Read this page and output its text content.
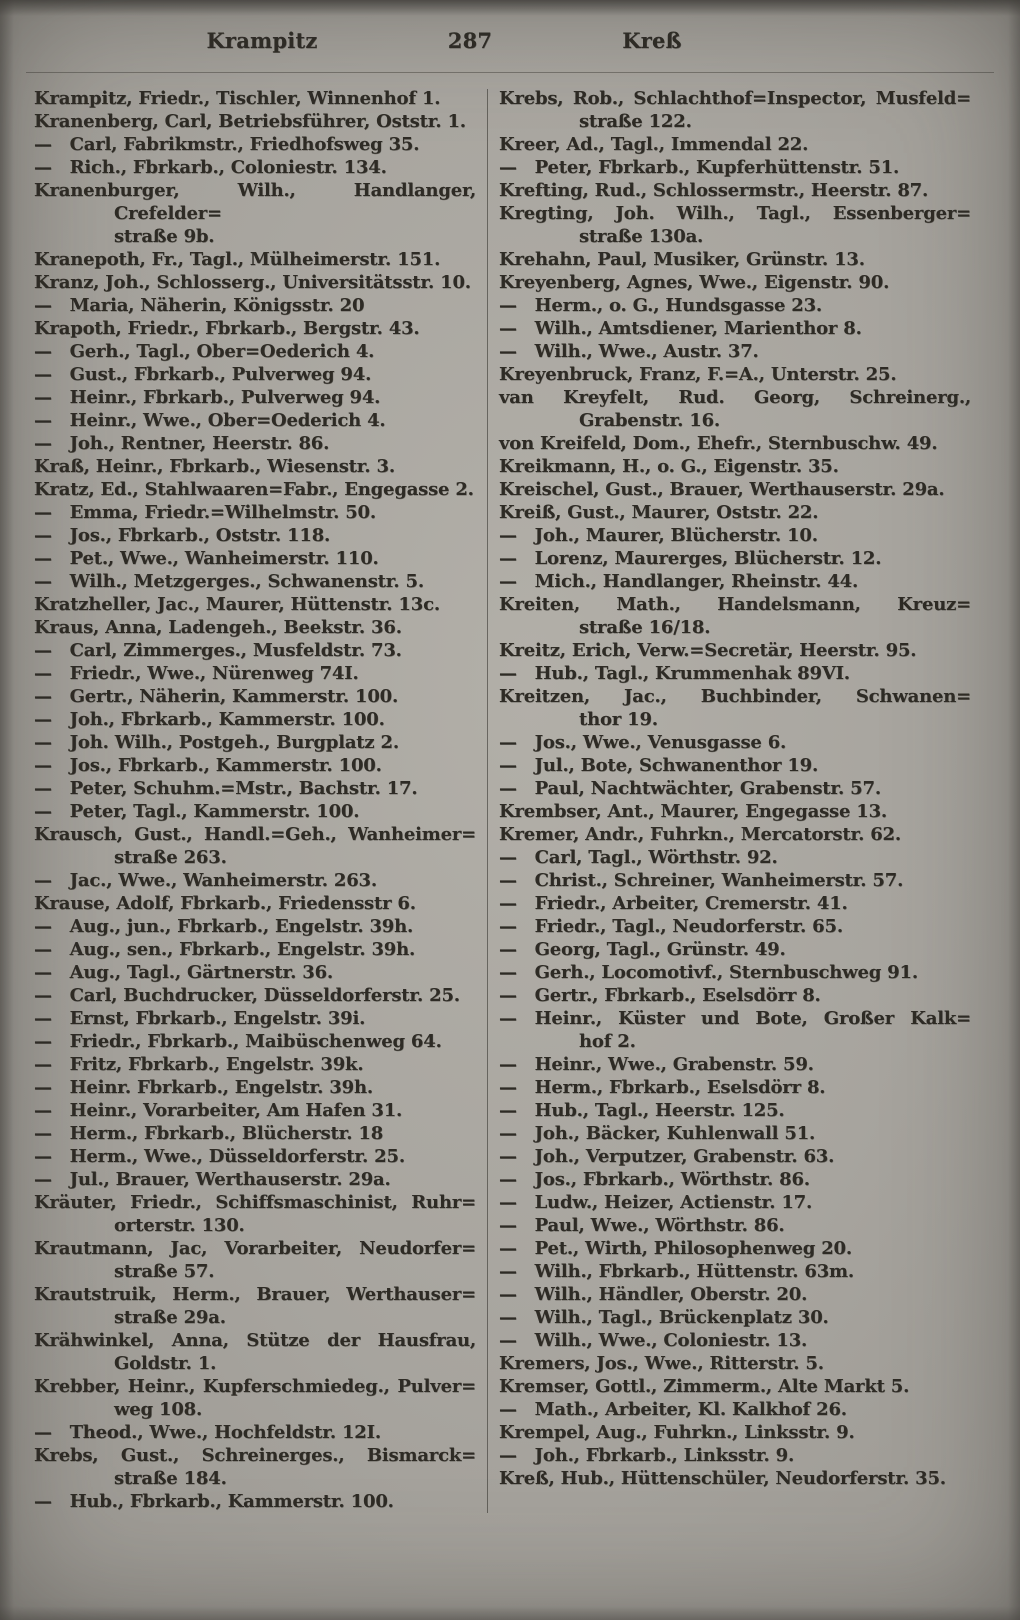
Krampitz	287	Kreß
Krampitz, Friedr., Tischler, Winnenhof 1.
Kranenberg, Carl, Betriebsführer, Oststr. 1.
— Carl, Fabrikmstr., Friedhofsweg 35.
— Rich., Fbrkarb., Coloniestr. 134.
Kranenburger, Wilh., Handlanger, Crefelder=
straße 9b.
Kranepoth, Fr., Tagl., Mülheimerstr. 151.
Kranz, Joh., Schlosserg., Universitätsstr. 10.
— Maria, Näherin, Königsstr. 20
Krapoth, Friedr., Fbrkarb., Bergstr. 43.
— Gerh., Tagl., Ober=Oederich 4.
— Gust., Fbrkarb., Pulverweg 94.
— Heinr., Fbrkarb., Pulverweg 94.
— Heinr., Wwe., Ober=Oederich 4.
— Joh., Rentner, Heerstr. 86.
Kraß, Heinr., Fbrkarb., Wiesenstr. 3.
Kratz, Ed., Stahlwaaren=Fabr., Engegasse 2.
— Emma, Friedr.=Wilhelmstr. 50.
— Jos., Fbrkarb., Oststr. 118.
— Pet., Wwe., Wanheimerstr. 110.
— Wilh., Metzgerges., Schwanenstr. 5.
Kratzheller, Jac., Maurer, Hüttenstr. 13c.
Kraus, Anna, Ladengeh., Beekstr. 36.
— Carl, Zimmerges., Musfeldstr. 73.
— Friedr., Wwe., Nürenweg 74I.
— Gertr., Näherin, Kammerstr. 100.
— Joh., Fbrkarb., Kammerstr. 100.
— Joh. Wilh., Postgeh., Burgplatz 2.
— Jos., Fbrkarb., Kammerstr. 100.
— Peter, Schuhm.=Mstr., Bachstr. 17.
— Peter, Tagl., Kammerstr. 100.
Krausch, Gust., Handl.=Geh., Wanheimer=
straße 263.
— Jac., Wwe., Wanheimerstr. 263.
Krause, Adolf, Fbrkarb., Friedensstr 6.
— Aug., jun., Fbrkarb., Engelstr. 39h.
— Aug., sen., Fbrkarb., Engelstr. 39h.
— Aug., Tagl., Gärtnerstr. 36.
— Carl, Buchdrucker, Düsseldorferstr. 25.
— Ernst, Fbrkarb., Engelstr. 39i.
— Friedr., Fbrkarb., Maibüschenweg 64.
— Fritz, Fbrkarb., Engelstr. 39k.
— Heinr. Fbrkarb., Engelstr. 39h.
— Heinr., Vorarbeiter, Am Hafen 31.
— Herm., Fbrkarb., Blücherstr. 18
— Herm., Wwe., Düsseldorferstr. 25.
— Jul., Brauer, Werthauserstr. 29a.
Kräuter, Friedr., Schiffsmaschinist, Ruhr=
orterstr. 130.
Krautmann, Jac, Vorarbeiter, Neudorfer=
straße 57.
Krautstruik, Herm., Brauer, Werthauser=
straße 29a.
Krähwinkel, Anna, Stütze der Hausfrau,
Goldstr. 1.
Krebber, Heinr., Kupferschmiedeg., Pulver=
weg 108.
— Theod., Wwe., Hochfeldstr. 12I.
Krebs, Gust., Schreinerges., Bismarck=
straße 184.
— Hub., Fbrkarb., Kammerstr. 100.
Krebs, Rob., Schlachthof=Inspector, Musfeld=
straße 122.
Kreer, Ad., Tagl., Immendal 22.
— Peter, Fbrkarb., Kupferhüttenstr. 51.
Krefting, Rud., Schlossermstr., Heerstr. 87.
Kregting, Joh. Wilh., Tagl., Essenberger=
straße 130a.
Krehahn, Paul, Musiker, Grünstr. 13.
Kreyenberg, Agnes, Wwe., Eigenstr. 90.
— Herm., o. G., Hundsgasse 23.
— Wilh., Amtsdiener, Marienthor 8.
— Wilh., Wwe., Austr. 37.
Kreyenbruck, Franz, F.=A., Unterstr. 25.
van Kreyfelt, Rud. Georg, Schreinerg.,
Grabenstr. 16.
von Kreifeld, Dom., Ehefr., Sternbuschw. 49.
Kreikmann, H., o. G., Eigenstr. 35.
Kreischel, Gust., Brauer, Werthauserstr. 29a.
Kreiß, Gust., Maurer, Oststr. 22.
— Joh., Maurer, Blücherstr. 10.
— Lorenz, Maurerges, Blücherstr. 12.
— Mich., Handlanger, Rheinstr. 44.
Kreiten, Math., Handelsmann, Kreuz=
straße 16/18.
Kreitz, Erich, Verw.=Secretär, Heerstr. 95.
— Hub., Tagl., Krummenhak 89VI.
Kreitzen, Jac., Buchbinder, Schwanen=
thor 19.
— Jos., Wwe., Venusgasse 6.
— Jul., Bote, Schwanenthor 19.
— Paul, Nachtwächter, Grabenstr. 57.
Krembser, Ant., Maurer, Engegasse 13.
Kremer, Andr., Fuhrkn., Mercatorstr. 62.
— Carl, Tagl., Wörthstr. 92.
— Christ., Schreiner, Wanheimerstr. 57.
— Friedr., Arbeiter, Cremerstr. 41.
— Friedr., Tagl., Neudorferstr. 65.
— Georg, Tagl., Grünstr. 49.
— Gerh., Locomotivf., Sternbuschweg 91.
— Gertr., Fbrkarb., Eselsdörr 8.
— Heinr., Küster und Bote, Großer Kalk=
hof 2.
— Heinr., Wwe., Grabenstr. 59.
— Herm., Fbrkarb., Eselsdörr 8.
— Hub., Tagl., Heerstr. 125.
— Joh., Bäcker, Kuhlenwall 51.
— Joh., Verputzer, Grabenstr. 63.
— Jos., Fbrkarb., Wörthstr. 86.
— Ludw., Heizer, Actienstr. 17.
— Paul, Wwe., Wörthstr. 86.
— Pet., Wirth, Philosophenweg 20.
— Wilh., Fbrkarb., Hüttenstr. 63m.
— Wilh., Händler, Oberstr. 20.
— Wilh., Tagl., Brückenplatz 30.
— Wilh., Wwe., Coloniestr. 13.
Kremers, Jos., Wwe., Ritterstr. 5.
Kremser, Gottl., Zimmerm., Alte Markt 5.
— Math., Arbeiter, Kl. Kalkhof 26.
Krempel, Aug., Fuhrkn., Linksstr. 9.
— Joh., Fbrkarb., Linksstr. 9.
Kreß, Hub., Hüttenschüler, Neudorferstr. 35.
